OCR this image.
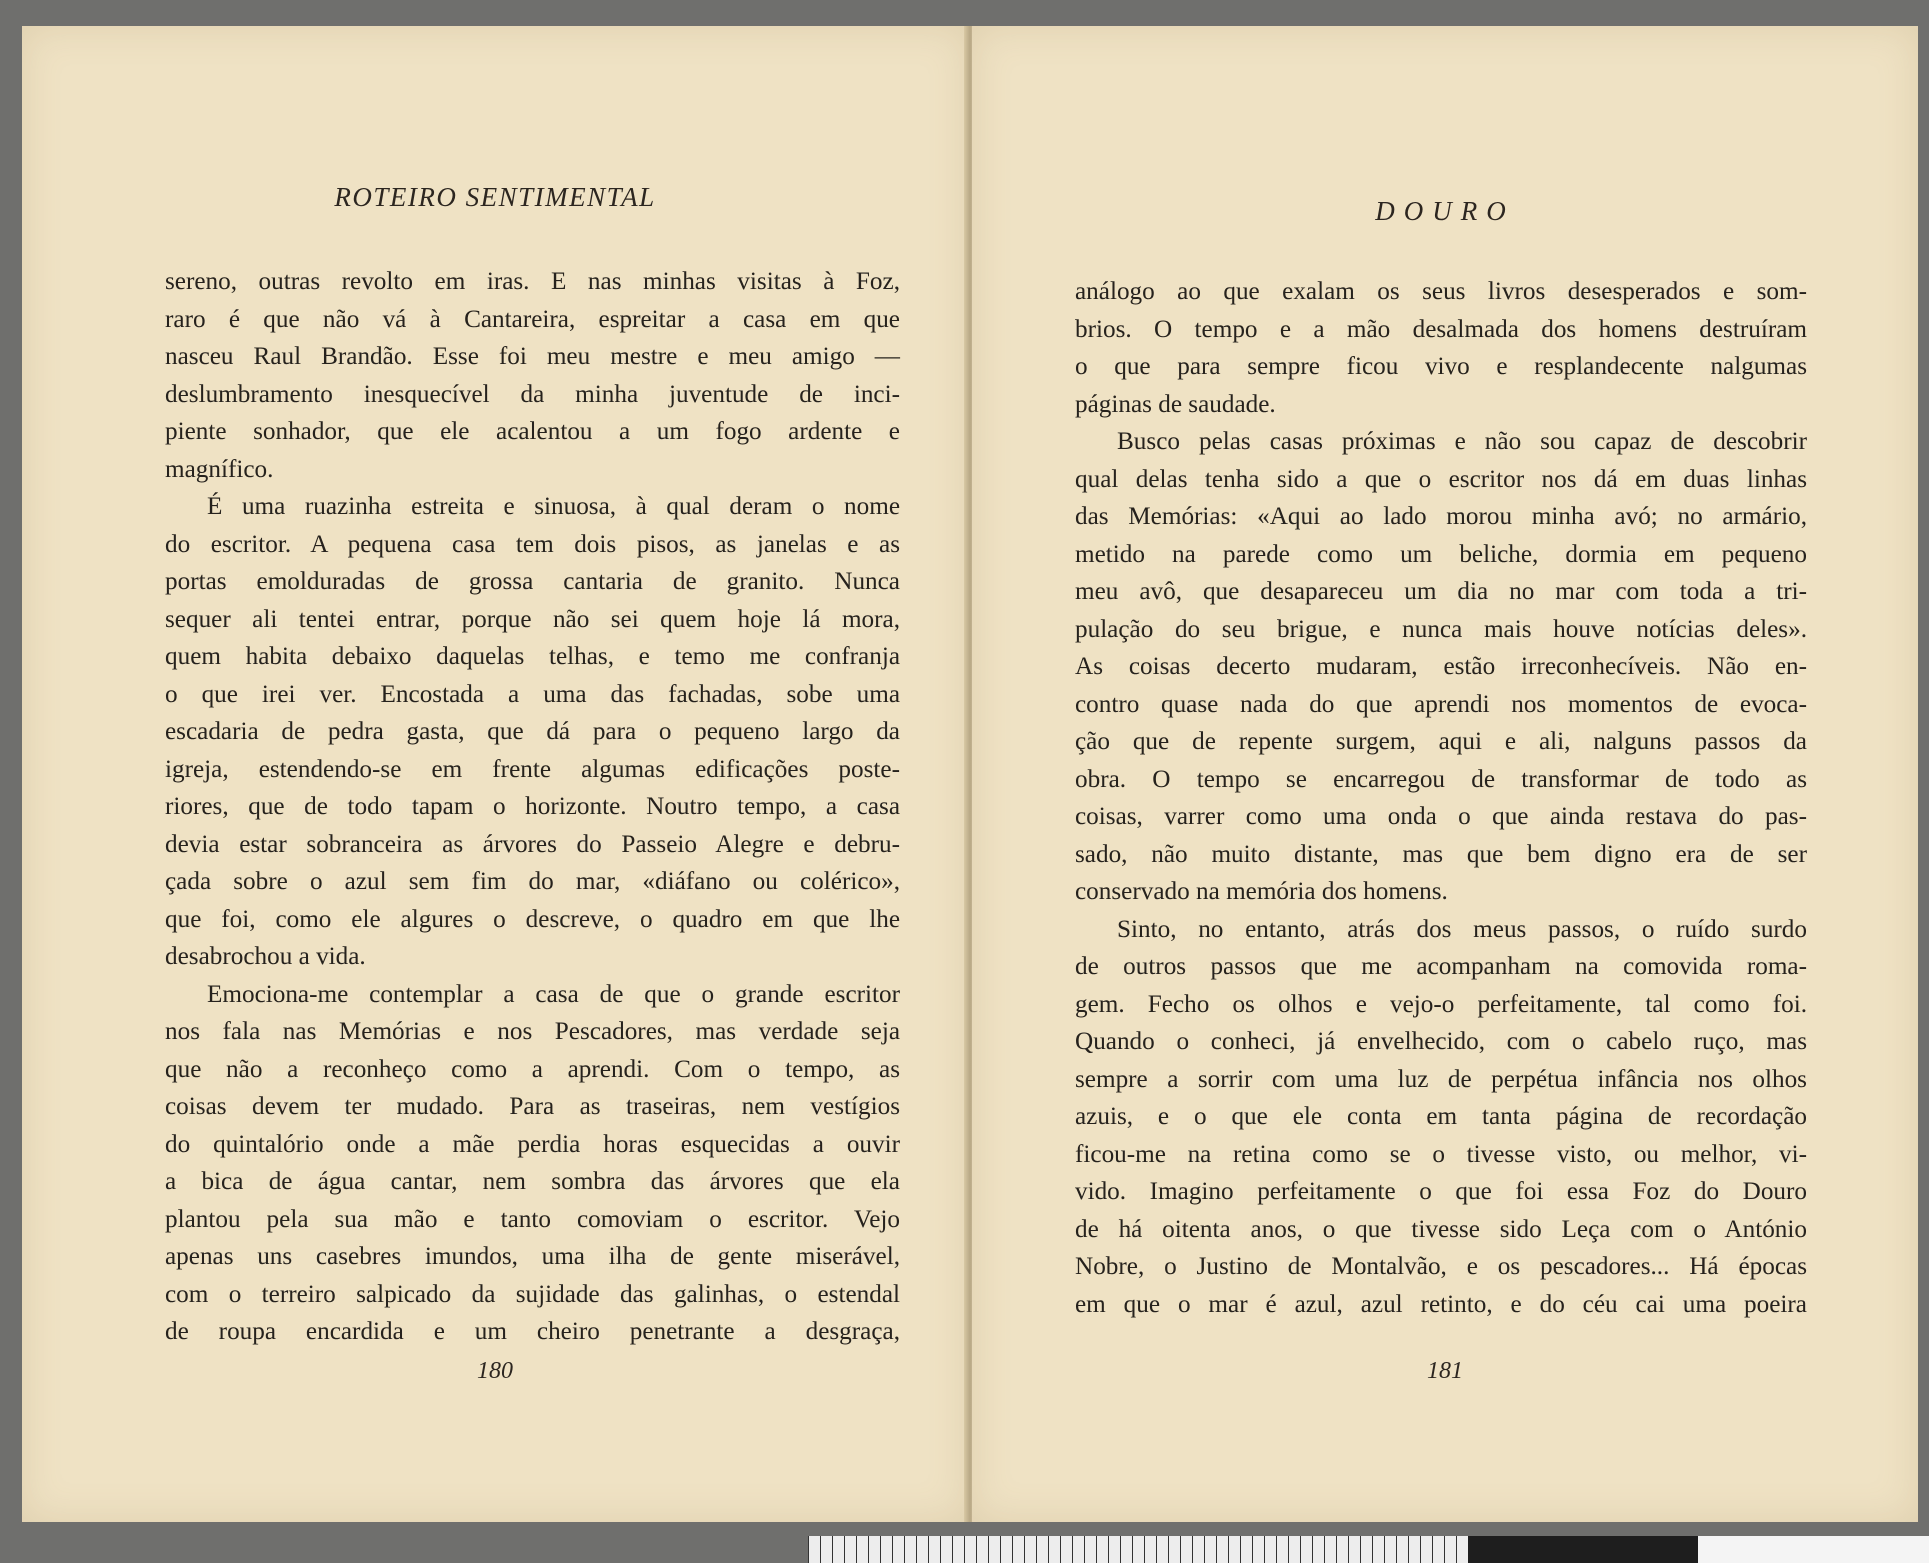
ROTEIRO SENTIMENTAL
sereno, outras revolto em iras. E nas minhas visitas à Foz,
raro é que não vá à Cantareira, espreitar a casa em que
nasceu Raul Brandão. Esse foi meu mestre e meu amigo —
deslumbramento inesquecível da minha juventude de inci-
piente sonhador, que ele acalentou a um fogo ardente e
magnífico.
É uma ruazinha estreita e sinuosa, à qual deram o nome
do escritor. A pequena casa tem dois pisos, as janelas e as
portas emolduradas de grossa cantaria de granito. Nunca
sequer ali tentei entrar, porque não sei quem hoje lá mora,
quem habita debaixo daquelas telhas, e temo me confranja
o que irei ver. Encostada a uma das fachadas, sobe uma
escadaria de pedra gasta, que dá para o pequeno largo da
igreja, estendendo-se em frente algumas edificações poste-
riores, que de todo tapam o horizonte. Noutro tempo, a casa
devia estar sobranceira as árvores do Passeio Alegre e debru-
çada sobre o azul sem fim do mar, «diáfano ou colérico»,
que foi, como ele algures o descreve, o quadro em que lhe
desabrochou a vida.
Emociona-me contemplar a casa de que o grande escritor
nos fala nas Memórias e nos Pescadores, mas verdade seja
que não a reconheço como a aprendi. Com o tempo, as
coisas devem ter mudado. Para as traseiras, nem vestígios
do quintalório onde a mãe perdia horas esquecidas a ouvir
a bica de água cantar, nem sombra das árvores que ela
plantou pela sua mão e tanto comoviam o escritor. Vejo
apenas uns casebres imundos, uma ilha de gente miserável,
com o terreiro salpicado da sujidade das galinhas, o estendal
de roupa encardida e um cheiro penetrante a desgraça,
180
DOURO
análogo ao que exalam os seus livros desesperados e som-
brios. O tempo e a mão desalmada dos homens destruíram
o que para sempre ficou vivo e resplandecente nalgumas
páginas de saudade.
Busco pelas casas próximas e não sou capaz de descobrir
qual delas tenha sido a que o escritor nos dá em duas linhas
das Memórias: «Aqui ao lado morou minha avó; no armário,
metido na parede como um beliche, dormia em pequeno
meu avô, que desapareceu um dia no mar com toda a tri-
pulação do seu brigue, e nunca mais houve notícias deles».
As coisas decerto mudaram, estão irreconhecíveis. Não en-
contro quase nada do que aprendi nos momentos de evoca-
ção que de repente surgem, aqui e ali, nalguns passos da
obra. O tempo se encarregou de transformar de todo as
coisas, varrer como uma onda o que ainda restava do pas-
sado, não muito distante, mas que bem digno era de ser
conservado na memória dos homens.
Sinto, no entanto, atrás dos meus passos, o ruído surdo
de outros passos que me acompanham na comovida roma-
gem. Fecho os olhos e vejo-o perfeitamente, tal como foi.
Quando o conheci, já envelhecido, com o cabelo ruço, mas
sempre a sorrir com uma luz de perpétua infância nos olhos
azuis, e o que ele conta em tanta página de recordação
ficou-me na retina como se o tivesse visto, ou melhor, vi-
vido. Imagino perfeitamente o que foi essa Foz do Douro
de há oitenta anos, o que tivesse sido Leça com o António
Nobre, o Justino de Montalvão, e os pescadores... Há épocas
em que o mar é azul, azul retinto, e do céu cai uma poeira
181
